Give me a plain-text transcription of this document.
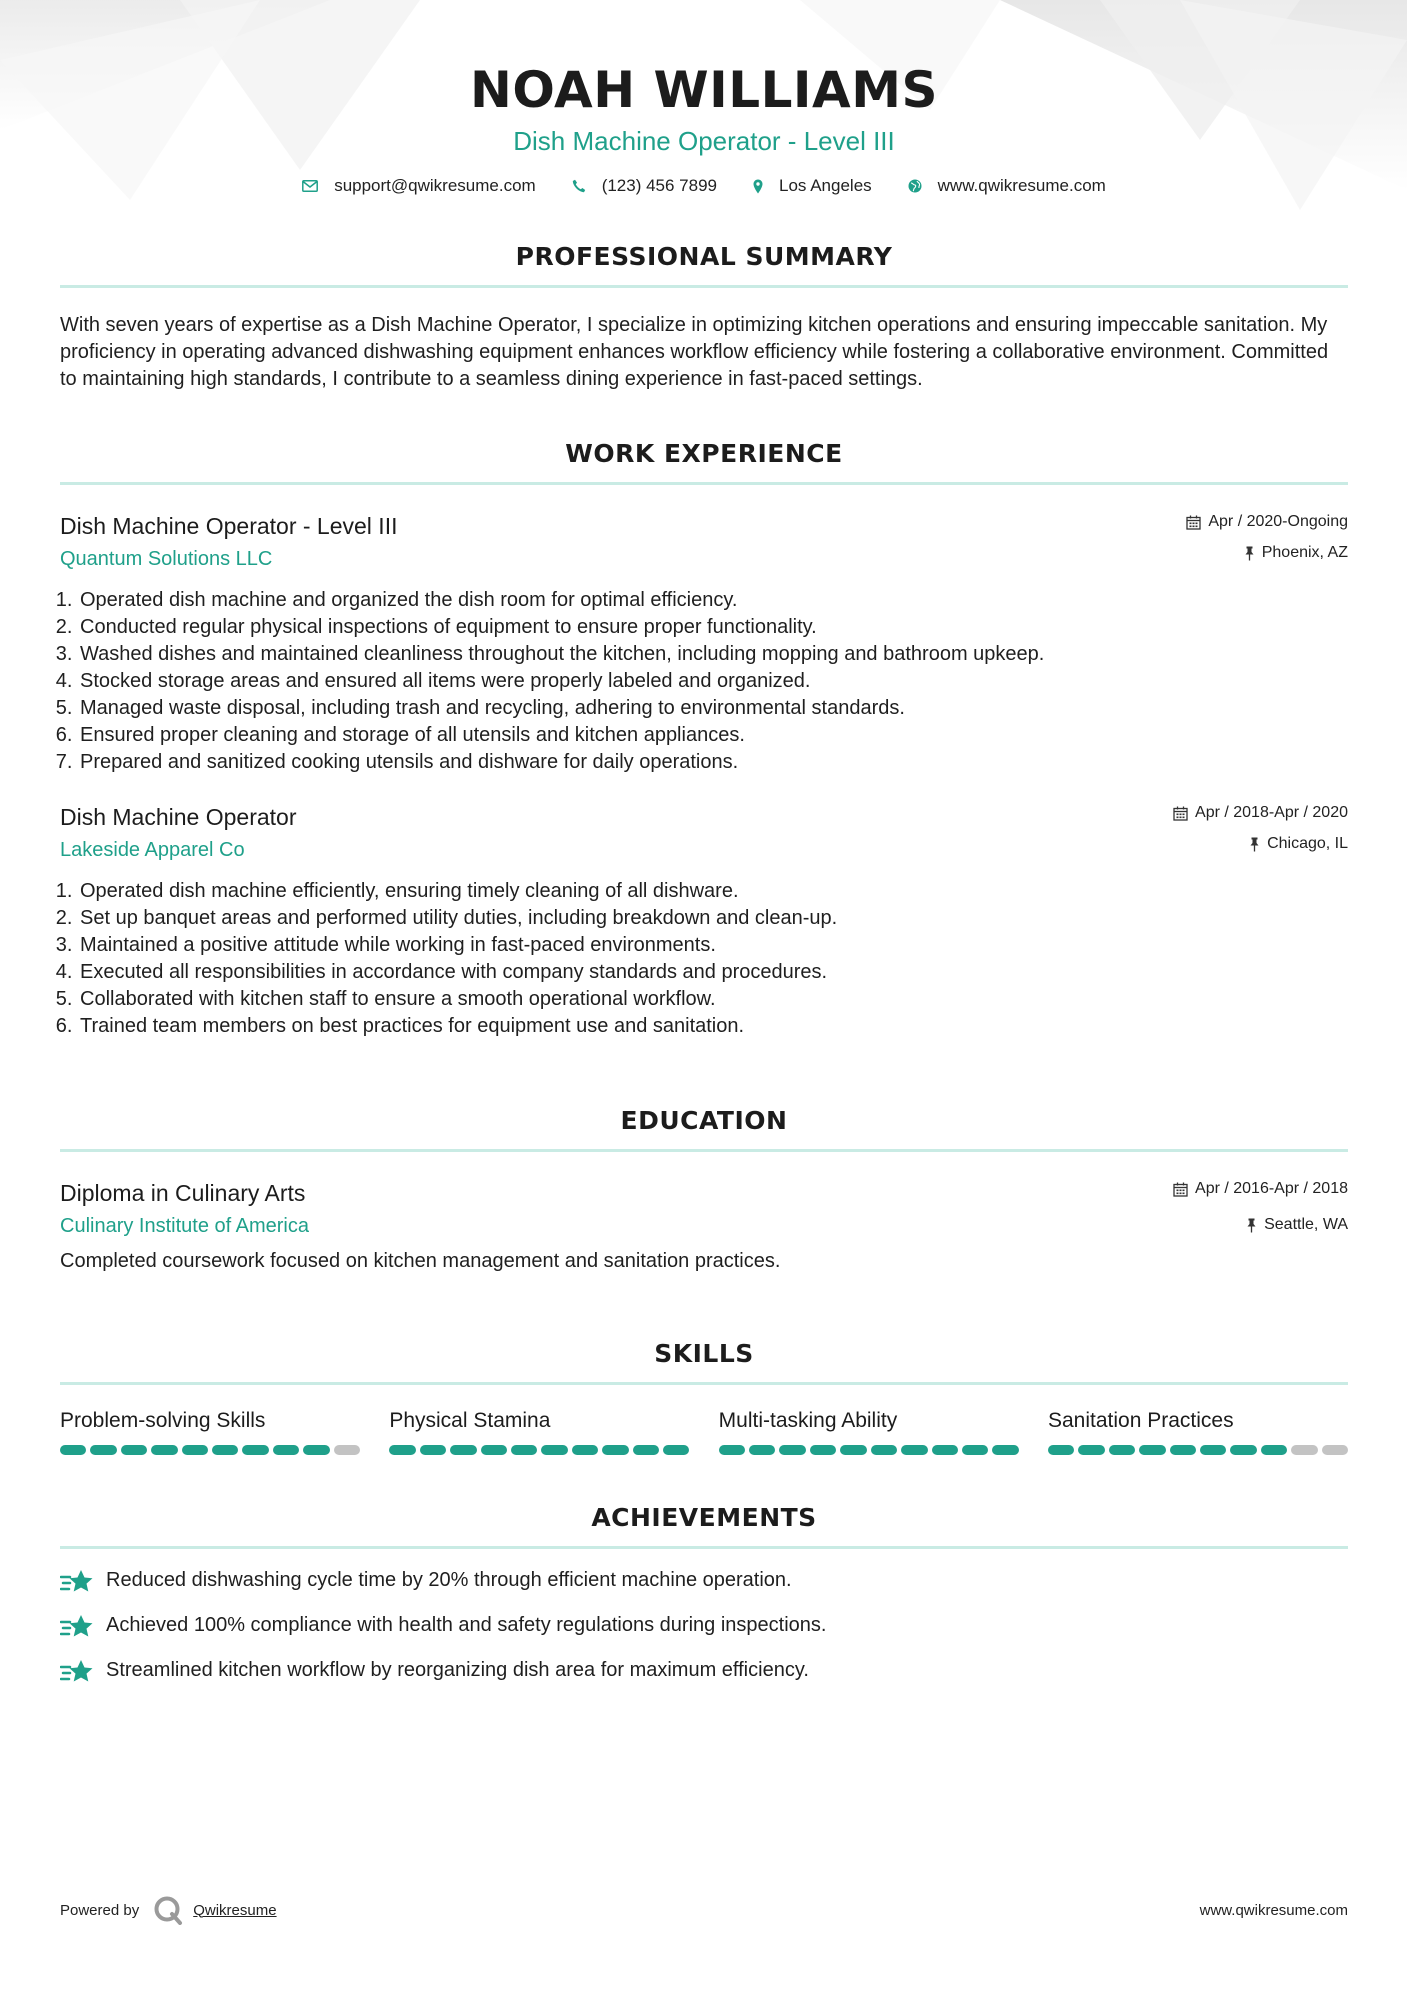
NOAH WILLIAMS
Dish Machine Operator - Level III
support@qwikresume.com	(123) 456 7899	Los Angeles	www.qwikresume.com
PROFESSIONAL SUMMARY

With seven years of expertise as a Dish Machine Operator, I specialize in optimizing kitchen operations and ensuring impeccable sanitation. My proficiency in operating advanced dishwashing equipment enhances workflow efficiency while fostering a collaborative environment. Committed to maintaining high standards, I contribute to a seamless dining experience in fast-paced settings.

WORK EXPERIENCE
Dish Machine Operator - Level III
Quantum Solutions LLC
Apr / 2020-Ongoing
Phoenix, AZ
1. Operated dish machine and organized the dish room for optimal efficiency.
2. Conducted regular physical inspections of equipment to ensure proper functionality.
3. Washed dishes and maintained cleanliness throughout the kitchen, including mopping and bathroom upkeep.
4. Stocked storage areas and ensured all items were properly labeled and organized.
5. Managed waste disposal, including trash and recycling, adhering to environmental standards.
6. Ensured proper cleaning and storage of all utensils and kitchen appliances.
7. Prepared and sanitized cooking utensils and dishware for daily operations.
Dish Machine Operator
Lakeside Apparel Co
Apr / 2018-Apr / 2020
Chicago, IL
1. Operated dish machine efficiently, ensuring timely cleaning of all dishware.
2. Set up banquet areas and performed utility duties, including breakdown and clean-up.
3. Maintained a positive attitude while working in fast-paced environments.
4. Executed all responsibilities in accordance with company standards and procedures.
5. Collaborated with kitchen staff to ensure a smooth operational workflow.
6. Trained team members on best practices for equipment use and sanitation.
EDUCATION
Diploma in Culinary Arts
Culinary Institute of America
Apr / 2016-Apr / 2018
Seattle, WA

Completed coursework focused on kitchen management and sanitation practices.

SKILLS
Problem-solving Skills	Physical Stamina	Multi-tasking Ability	Sanitation Practices
ACHIEVEMENTS
Reduced dishwashing cycle time by 20% through efficient machine operation.
Achieved 100% compliance with health and safety regulations during inspections.
Streamlined kitchen workflow by reorganizing dish area for maximum efficiency.
Powered by	Qwikresume	www.qwikresume.com
